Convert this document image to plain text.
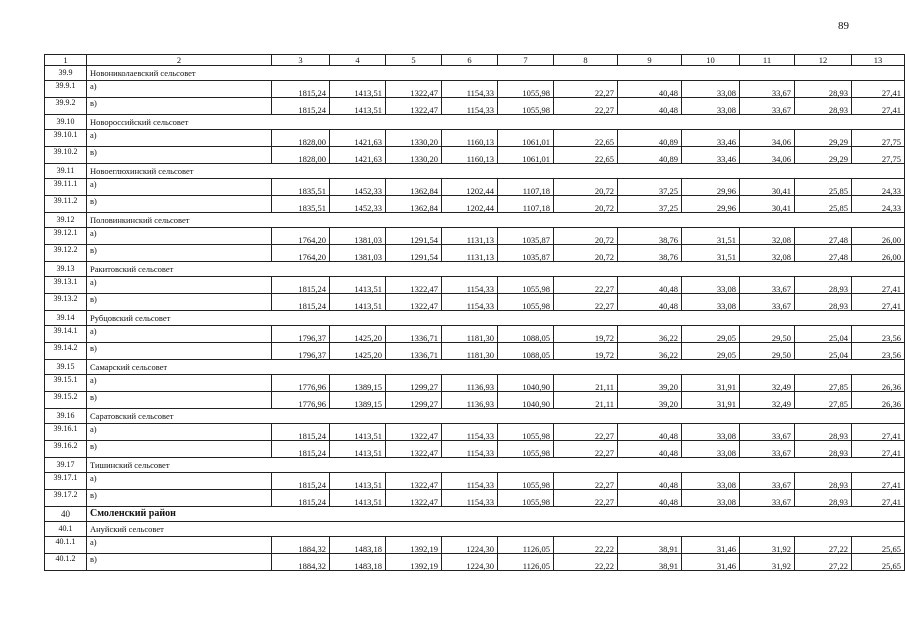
89
1	2	3	4	5	6	7	8	9	10	11	12	13
39.9	Новониколаевский сельсовет											
39.9.1	а)	1815,24	1413,51	1322,47	1154,33	1055,98	22,27	40,48	33,08	33,67	28,93	27,41
39.9.2	в)	1815,24	1413,51	1322,47	1154,33	1055,98	22,27	40,48	33,08	33,67	28,93	27,41
39.10	Новороссийский сельсовет											
39.10.1	а)	1828,00	1421,63	1330,20	1160,13	1061,01	22,65	40,89	33,46	34,06	29,29	27,75
39.10.2	в)	1828,00	1421,63	1330,20	1160,13	1061,01	22,65	40,89	33,46	34,06	29,29	27,75
39.11	Новоеглюхинский сельсовет											
39.11.1	а)	1835,51	1452,33	1362,84	1202,44	1107,18	20,72	37,25	29,96	30,41	25,85	24,33
39.11.2	в)	1835,51	1452,33	1362,84	1202,44	1107,18	20,72	37,25	29,96	30,41	25,85	24,33
39.12	Половинкинский сельсовет											
39.12.1	а)	1764,20	1381,03	1291,54	1131,13	1035,87	20,72	38,76	31,51	32,08	27,48	26,00
39.12.2	в)	1764,20	1381,03	1291,54	1131,13	1035,87	20,72	38,76	31,51	32,08	27,48	26,00
39.13	Ракитовский сельсовет											
39.13.1	а)	1815,24	1413,51	1322,47	1154,33	1055,98	22,27	40,48	33,08	33,67	28,93	27,41
39.13.2	в)	1815,24	1413,51	1322,47	1154,33	1055,98	22,27	40,48	33,08	33,67	28,93	27,41
39.14	Рубцовский сельсовет											
39.14.1	а)	1796,37	1425,20	1336,71	1181,30	1088,05	19,72	36,22	29,05	29,50	25,04	23,56
39.14.2	в)	1796,37	1425,20	1336,71	1181,30	1088,05	19,72	36,22	29,05	29,50	25,04	23,56
39.15	Самарский сельсовет											
39.15.1	а)	1776,96	1389,15	1299,27	1136,93	1040,90	21,11	39,20	31,91	32,49	27,85	26,36
39.15.2	в)	1776,96	1389,15	1299,27	1136,93	1040,90	21,11	39,20	31,91	32,49	27,85	26,36
39.16	Саратовский сельсовет											
39.16.1	а)	1815,24	1413,51	1322,47	1154,33	1055,98	22,27	40,48	33,08	33,67	28,93	27,41
39.16.2	в)	1815,24	1413,51	1322,47	1154,33	1055,98	22,27	40,48	33,08	33,67	28,93	27,41
39.17	Тишинский сельсовет											
39.17.1	а)	1815,24	1413,51	1322,47	1154,33	1055,98	22,27	40,48	33,08	33,67	28,93	27,41
39.17.2	в)	1815,24	1413,51	1322,47	1154,33	1055,98	22,27	40,48	33,08	33,67	28,93	27,41
40	Смоленский район											
40.1	Ануйский сельсовет											
40.1.1	а)	1884,32	1483,18	1392,19	1224,30	1126,05	22,22	38,91	31,46	31,92	27,22	25,65
40.1.2	в)	1884,32	1483,18	1392,19	1224,30	1126,05	22,22	38,91	31,46	31,92	27,22	25,65
